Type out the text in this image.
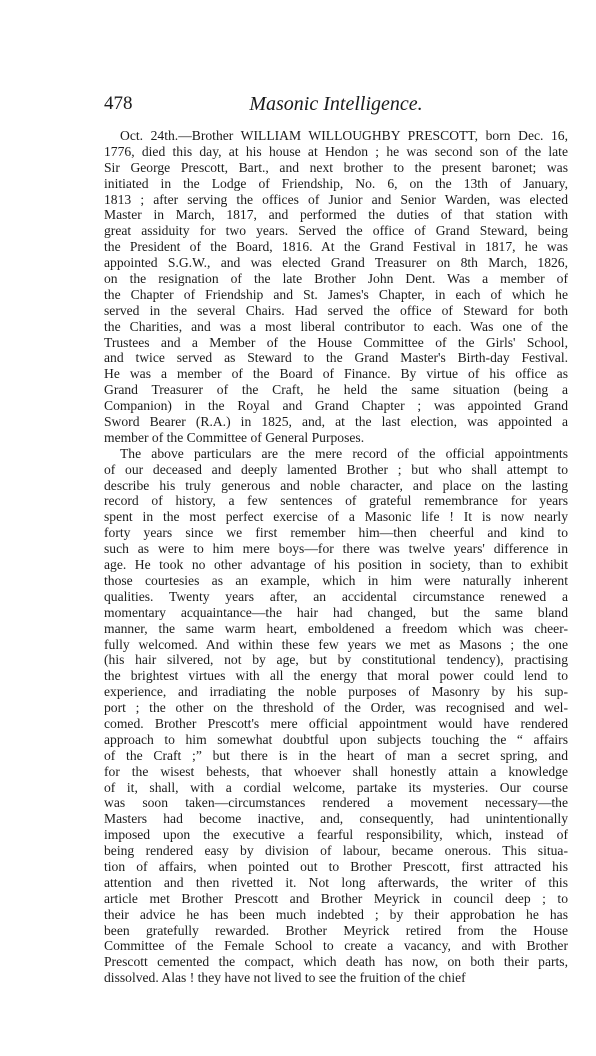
478	Masonic Intelligence.
Oct. 24th.—Brother WILLIAM WILLOUGHBY PRESCOTT, born Dec. 16,
1776, died this day, at his house at Hendon ; he was second son of the late
Sir George Prescott, Bart., and next brother to the present baronet; was
initiated in the Lodge of Friendship, No. 6, on the 13th of January,
1813 ; after serving the offices of Junior and Senior Warden, was elected
Master in March, 1817, and performed the duties of that station with
great assiduity for two years. Served the office of Grand Steward, being
the President of the Board, 1816. At the Grand Festival in 1817, he was
appointed S.G.W., and was elected Grand Treasurer on 8th March, 1826,
on the resignation of the late Brother John Dent. Was a member of
the Chapter of Friendship and St. James's Chapter, in each of which he
served in the several Chairs. Had served the office of Steward for both
the Charities, and was a most liberal contributor to each. Was one of the
Trustees and a Member of the House Committee of the Girls' School,
and twice served as Steward to the Grand Master's Birth-day Festival.
He was a member of the Board of Finance. By virtue of his office as
Grand Treasurer of the Craft, he held the same situation (being a
Companion) in the Royal and Grand Chapter ; was appointed Grand
Sword Bearer (R.A.) in 1825, and, at the last election, was appointed a
member of the Committee of General Purposes.
The above particulars are the mere record of the official appointments
of our deceased and deeply lamented Brother ; but who shall attempt to
describe his truly generous and noble character, and place on the lasting
record of history, a few sentences of grateful remembrance for years
spent in the most perfect exercise of a Masonic life ! It is now nearly
forty years since we first remember him—then cheerful and kind to
such as were to him mere boys—for there was twelve years' difference in
age. He took no other advantage of his position in society, than to exhibit
those courtesies as an example, which in him were naturally inherent
qualities. Twenty years after, an accidental circumstance renewed a
momentary acquaintance—the hair had changed, but the same bland
manner, the same warm heart, emboldened a freedom which was cheer-
fully welcomed. And within these few years we met as Masons ; the one
(his hair silvered, not by age, but by constitutional tendency), practising
the brightest virtues with all the energy that moral power could lend to
experience, and irradiating the noble purposes of Masonry by his sup-
port ; the other on the threshold of the Order, was recognised and wel-
comed. Brother Prescott's mere official appointment would have rendered
approach to him somewhat doubtful upon subjects touching the “ affairs
of the Craft ;” but there is in the heart of man a secret spring, and
for the wisest behests, that whoever shall honestly attain a knowledge
of it, shall, with a cordial welcome, partake its mysteries. Our course
was soon taken—circumstances rendered a movement necessary—the
Masters had become inactive, and, consequently, had unintentionally
imposed upon the executive a fearful responsibility, which, instead of
being rendered easy by division of labour, became onerous. This situa-
tion of affairs, when pointed out to Brother Prescott, first attracted his
attention and then rivetted it. Not long afterwards, the writer of this
article met Brother Prescott and Brother Meyrick in council deep ; to
their advice he has been much indebted ; by their approbation he has
been gratefully rewarded. Brother Meyrick retired from the House
Committee of the Female School to create a vacancy, and with Brother
Prescott cemented the compact, which death has now, on both their parts,
dissolved. Alas ! they have not lived to see the fruition of the chief
